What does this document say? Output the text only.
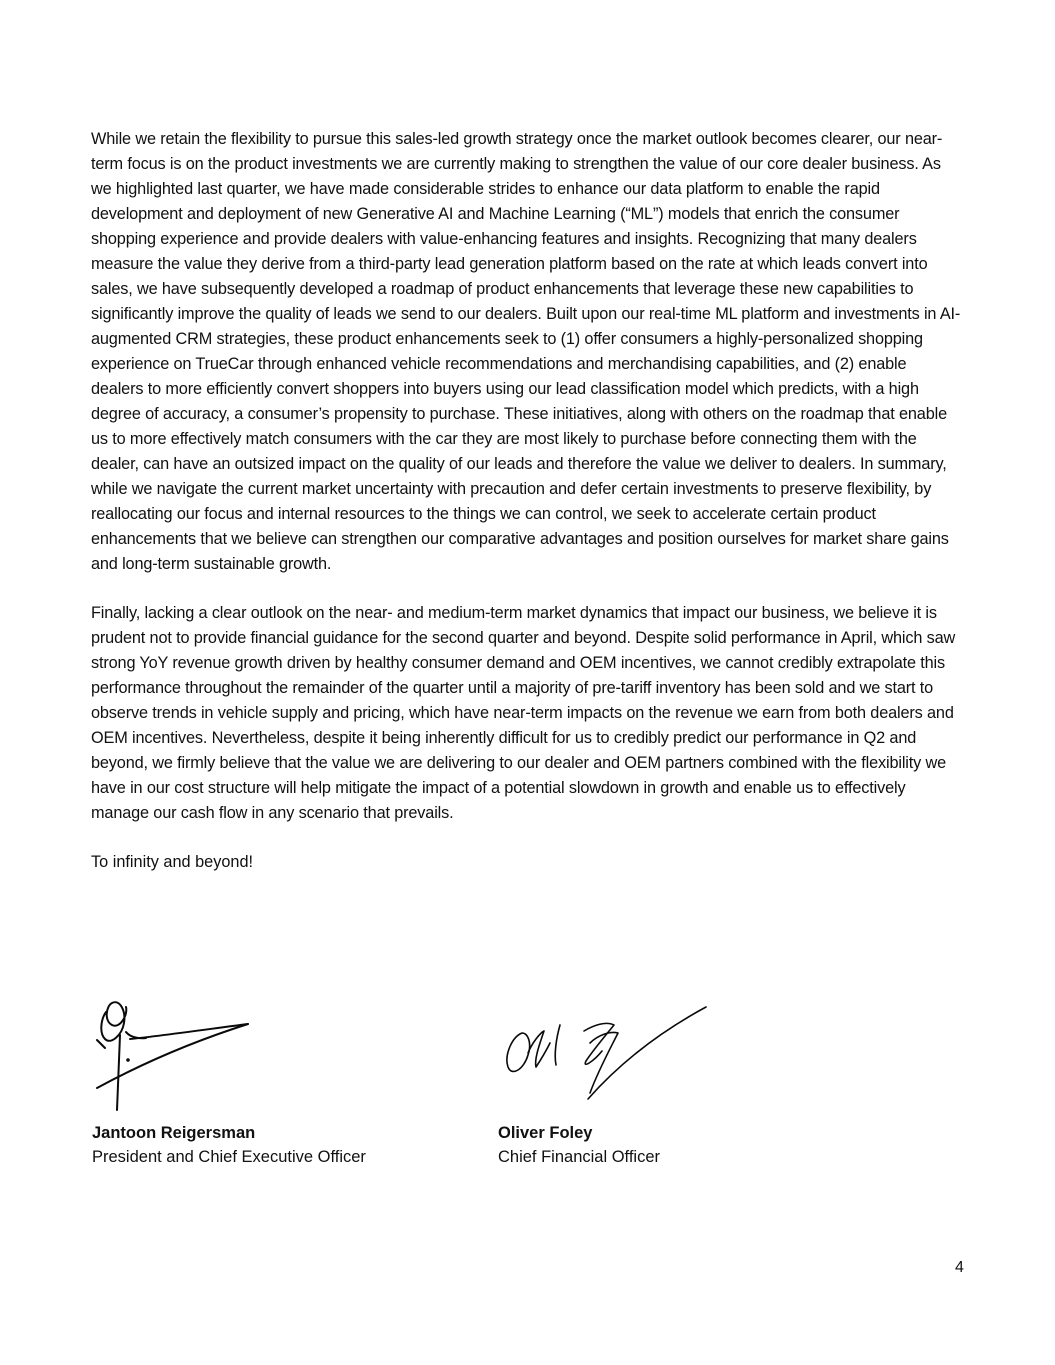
While we retain the flexibility to pursue this sales-led growth strategy once the market outlook becomes clearer, our near-term focus is on the product investments we are currently making to strengthen the value of our core dealer business. As we highlighted last quarter, we have made considerable strides to enhance our data platform to enable the rapid development and deployment of new Generative AI and Machine Learning (“ML”) models that enrich the consumer shopping experience and provide dealers with value-enhancing features and insights. Recognizing that many dealers measure the value they derive from a third-party lead generation platform based on the rate at which leads convert into sales, we have subsequently developed a roadmap of product enhancements that leverage these new capabilities to significantly improve the quality of leads we send to our dealers. Built upon our real-time ML platform and investments in AI-augmented CRM strategies, these product enhancements seek to (1) offer consumers a highly-personalized shopping experience on TrueCar through enhanced vehicle recommendations and merchandising capabilities, and (2) enable dealers to more efficiently convert shoppers into buyers using our lead classification model which predicts, with a high degree of accuracy, a consumer’s propensity to purchase. These initiatives, along with others on the roadmap that enable us to more effectively match consumers with the car they are most likely to purchase before connecting them with the dealer, can have an outsized impact on the quality of our leads and therefore the value we deliver to dealers. In summary, while we navigate the current market uncertainty with precaution and defer certain investments to preserve flexibility, by reallocating our focus and internal resources to the things we can control, we seek to accelerate certain product enhancements that we believe can strengthen our comparative advantages and position ourselves for market share gains and long-term sustainable growth.

Finally, lacking a clear outlook on the near- and medium-term market dynamics that impact our business, we believe it is prudent not to provide financial guidance for the second quarter and beyond. Despite solid performance in April, which saw strong YoY revenue growth driven by healthy consumer demand and OEM incentives, we cannot credibly extrapolate this performance throughout the remainder of the quarter until a majority of pre-tariff inventory has been sold and we start to observe trends in vehicle supply and pricing, which have near-term impacts on the revenue we earn from both dealers and OEM incentives. Nevertheless, despite it being inherently difficult for us to credibly predict our performance in Q2 and beyond, we firmly believe that the value we are delivering to our dealer and OEM partners combined with the flexibility we have in our cost structure will help mitigate the impact of a potential slowdown in growth and enable us to effectively manage our cash flow in any scenario that prevails.

To infinity and beyond!

Jantoon Reigersman
President and Chief Executive Officer
Oliver Foley
Chief Financial Officer
4
